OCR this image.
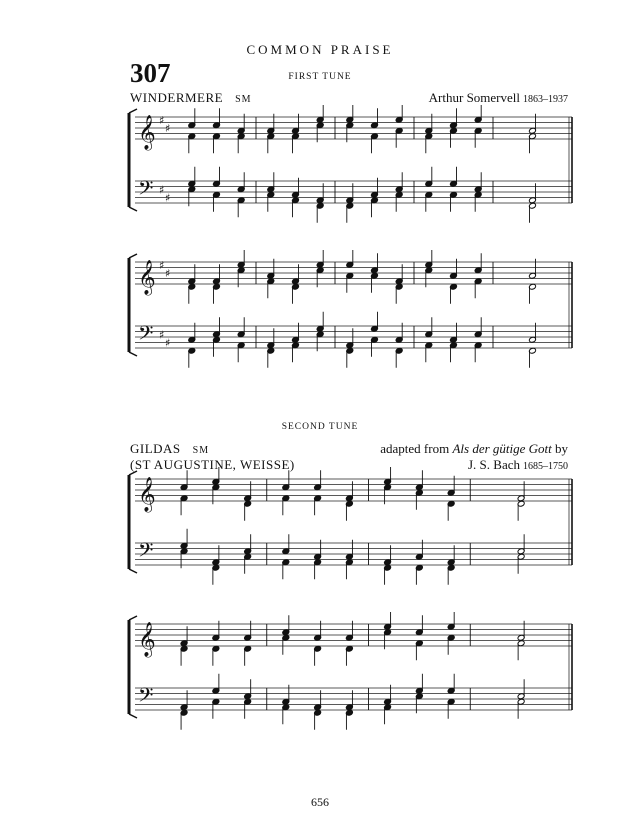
COMMON PRAISE
307	FIRST TUNE
WINDERMERE SM	Arthur Somervell 1863–1937
SECOND TUNE
GILDAS SM
(ST AUGUSTINE, WEISSE)
adapted from Als der gütige Gott by
J. S. Bach 1685–1750
𝄞 ♯
♯
𝄢 ♯
♯
𝄞 ♯
♯
𝄢 ♯
♯
𝄞
𝄢
𝄞
𝄢
656
